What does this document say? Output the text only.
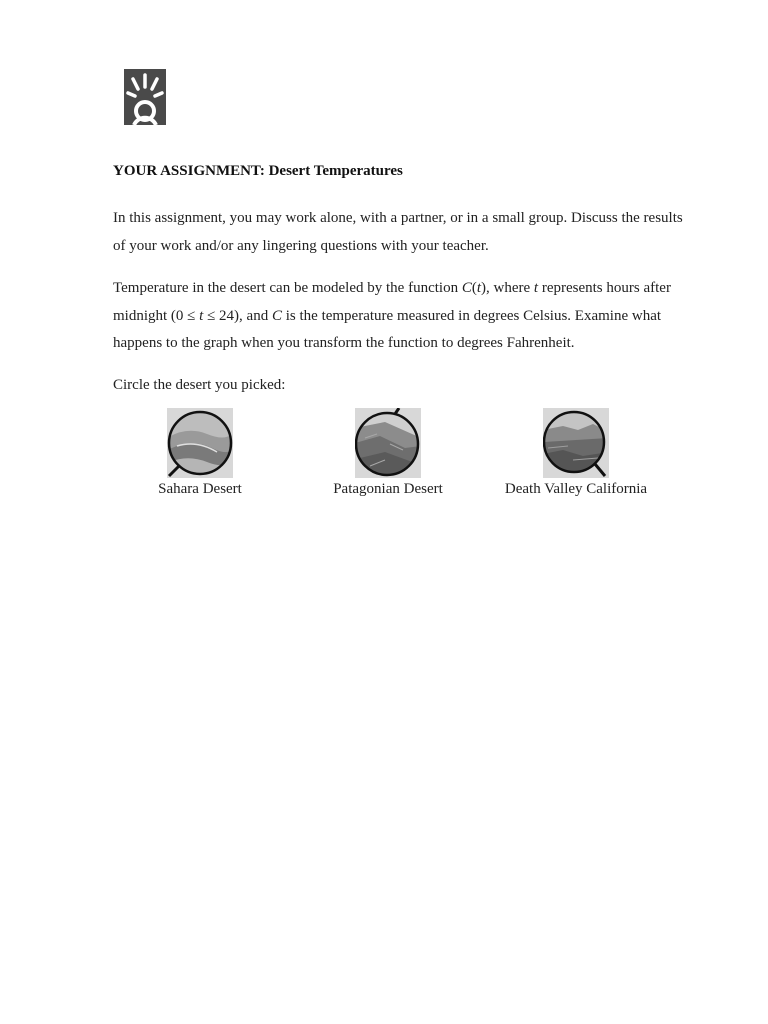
YOUR ASSIGNMENT: Desert Temperatures
In this assignment, you may work alone, with a partner, or in a small group. Discuss the results of your work and/or any lingering questions with your teacher.
Temperature in the desert can be modeled by the function C(t), where t represents hours after midnight (0 ≤ t ≤ 24), and C is the temperature measured in degrees Celsius. Examine what happens to the graph when you transform the function to degrees Fahrenheit.
Circle the desert you picked:
Sahara Desert	Patagonian Desert	Death Valley California
